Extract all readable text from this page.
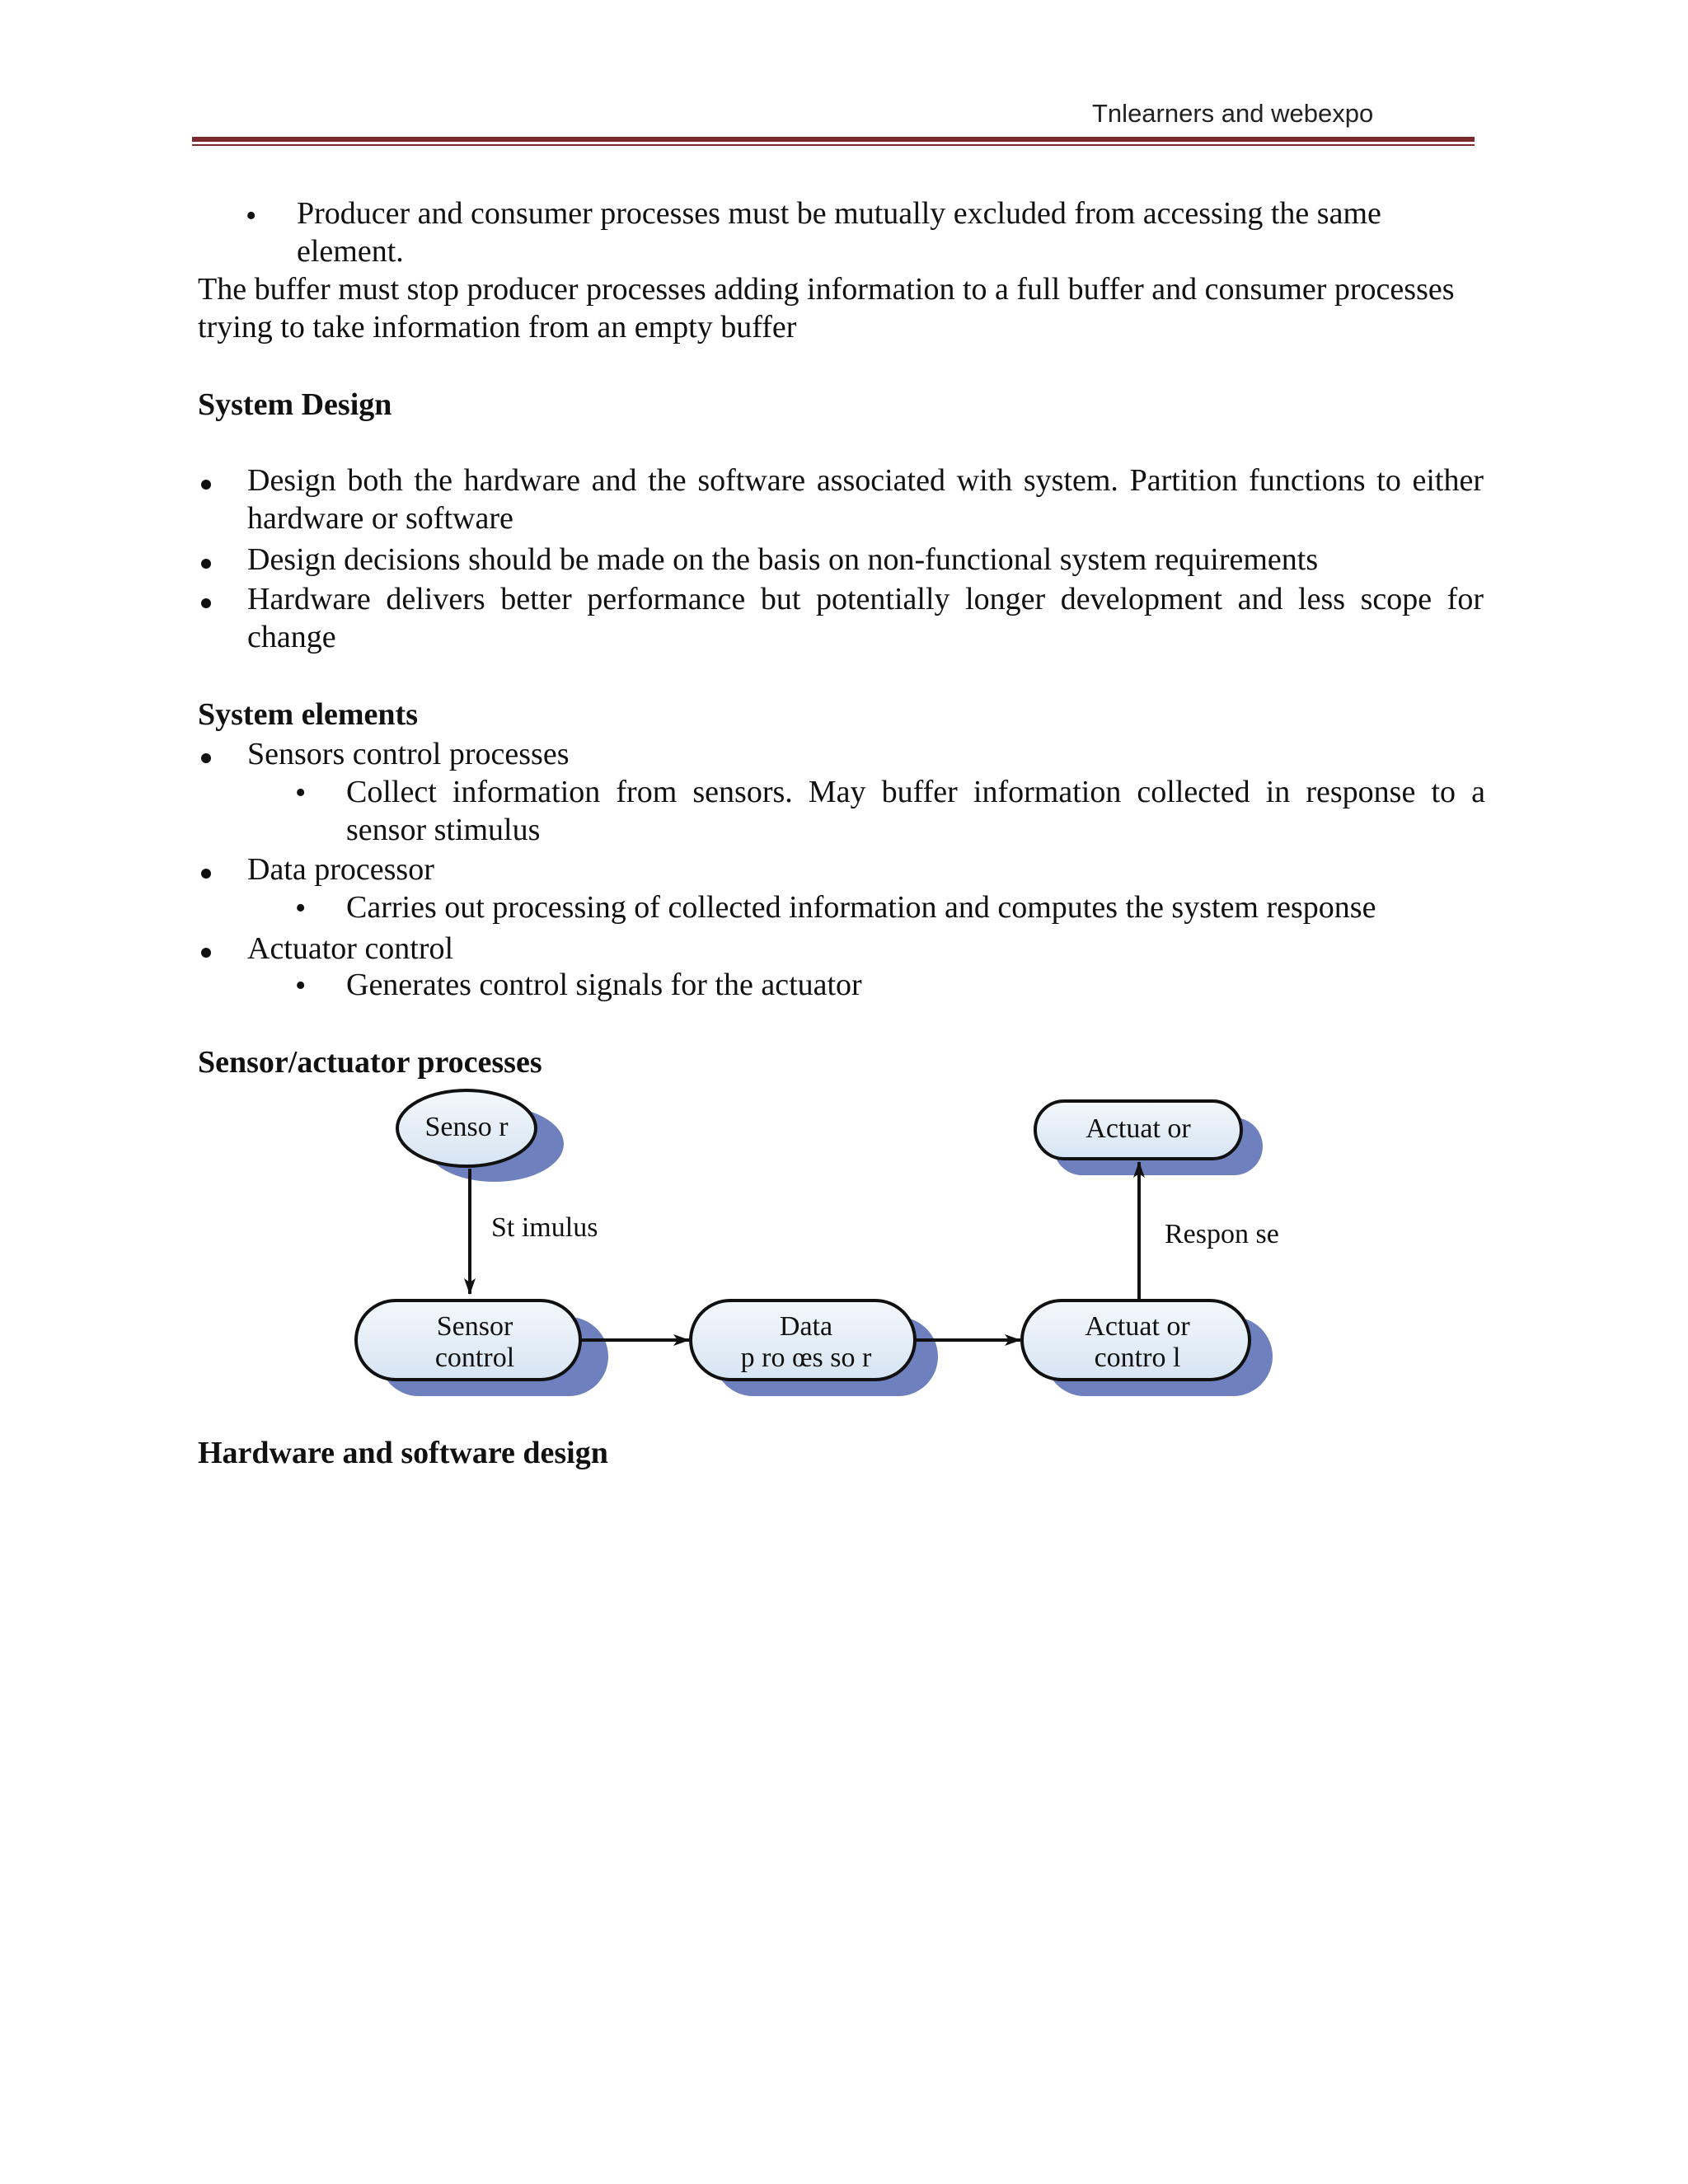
Tnlearners and webexpo
• Producer and consumer processes must be mutually excluded from accessing the same element.
The buffer must stop producer processes adding information to a full buffer and consumer processes trying to take information from an empty buffer
System Design
Design both the hardware and the software associated with system. Partition functions to either hardware or software
Design decisions should be made on the basis on non-functional system requirements
Hardware delivers better performance but potentially longer development and less scope for change
System elements
Sensors control processes
• Collect information from sensors. May buffer information collected in response to a sensor stimulus
Data processor
• Carries out processing of collected information and computes the system response
Actuator control
• Generates control signals for the actuator
Sensor/actuator processes
Senso r	Actuat or
St imulus	Respon se
Sensor
control
Data
p ro œs so r
Actuat or
contro l
Hardware and software design
